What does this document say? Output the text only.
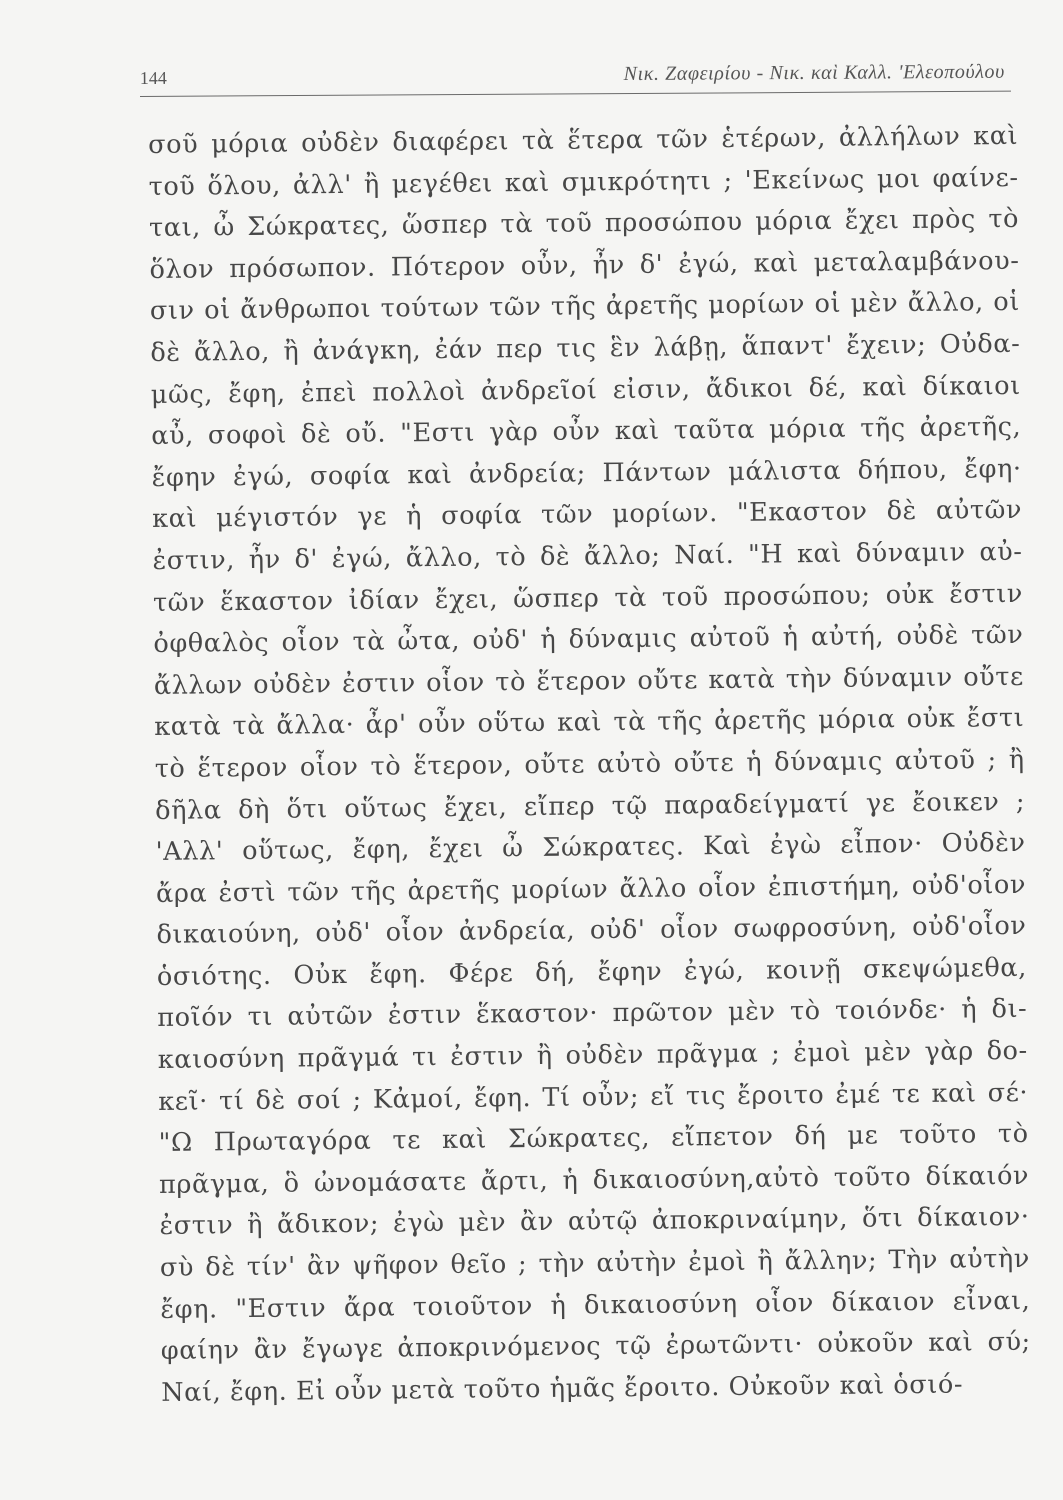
144	Νικ. Ζαφειρίου - Νικ. καὶ Καλλ. 'Ελεοπούλου
σοῦ μόρια οὐδὲν διαφέρει τὰ ἕτερα τῶν ἑτέρων, ἀλλήλων καὶ
τοῦ ὅλου, ἀλλ' ἢ μεγέθει καὶ σμικρότητι ; 'Εκείνως μοι φαίνε-
ται, ὦ Σώκρατες, ὥσπερ τὰ τοῦ προσώπου μόρια ἔχει πρὸς τὸ
ὅλον πρόσωπον. Πότερον οὖν, ἦν δ' ἐγώ, καὶ μεταλαμβάνου-
σιν οἱ ἄνθρωποι τούτων τῶν τῆς ἀρετῆς μορίων οἱ μὲν ἄλλο, οἱ
δὲ ἄλλο, ἢ ἀνάγκη, ἐάν περ τις ἓν λάβῃ, ἅπαντ' ἔχειν; Οὐδα-
μῶς, ἔφη, ἐπεὶ πολλοὶ ἀνδρεῖοί εἰσιν, ἄδικοι δέ, καὶ δίκαιοι
αὖ, σοφοὶ δὲ οὔ. "Εστι γὰρ οὖν καὶ ταῦτα μόρια τῆς ἀρετῆς,
ἔφην ἐγώ, σοφία καὶ ἀνδρεία; Πάντων μάλιστα δήπου, ἔφη·
καὶ μέγιστόν γε ἡ σοφία τῶν μορίων. "Εκαστον δὲ αὐτῶν
ἐστιν, ἦν δ' ἐγώ, ἄλλο, τὸ δὲ ἄλλο; Ναί. "Η καὶ δύναμιν αὐ-
τῶν ἕκαστον ἰδίαν ἔχει, ὥσπερ τὰ τοῦ προσώπου; οὐκ ἔστιν
ὀφθαλὸς οἷον τὰ ὦτα, οὐδ' ἡ δύναμις αὐτοῦ ἡ αὐτή, οὐδὲ τῶν
ἄλλων οὐδὲν ἐστιν οἷον τὸ ἕτερον οὔτε κατὰ τὴν δύναμιν οὔτε
κατὰ τὰ ἄλλα· ἆρ' οὖν οὕτω καὶ τὰ τῆς ἀρετῆς μόρια οὐκ ἔστι
τὸ ἕτερον οἷον τὸ ἕτερον, οὔτε αὐτὸ οὔτε ἡ δύναμις αὐτοῦ ; ἢ
δῆλα δὴ ὅτι οὕτως ἔχει, εἴπερ τῷ παραδείγματί γε ἔοικεν ;
'Αλλ' οὕτως, ἔφη, ἔχει ὦ Σώκρατες. Καὶ ἐγὼ εἶπον· Οὐδὲν
ἄρα ἐστὶ τῶν τῆς ἀρετῆς μορίων ἄλλο οἷον ἐπιστήμη, οὐδ'οἷον
δικαιούνη, οὐδ' οἷον ἀνδρεία, οὐδ' οἷον σωφροσύνη, οὐδ'οἷον
ὁσιότης. Οὐκ ἔφη. Φέρε δή, ἔφην ἐγώ, κοινῇ σκεψώμεθα,
ποῖόν τι αὐτῶν ἐστιν ἕκαστον· πρῶτον μὲν τὸ τοιόνδε· ἡ δι-
καιοσύνη πρᾶγμά τι ἐστιν ἢ οὐδὲν πρᾶγμα ; ἐμοὶ μὲν γὰρ δο-
κεῖ· τί δὲ σοί ; Κἀμοί, ἔφη. Τί οὖν; εἴ τις ἔροιτο ἐμέ τε καὶ σέ·
"Ω Πρωταγόρα τε καὶ Σώκρατες, εἴπετον δή με τοῦτο τὸ
πρᾶγμα, ὃ ὠνομάσατε ἄρτι, ἡ δικαιοσύνη,αὐτὸ τοῦτο δίκαιόν
ἐστιν ἢ ἄδικον; ἐγὼ μὲν ἂν αὐτῷ ἀποκριναίμην, ὅτι δίκαιον·
σὺ δὲ τίν' ἂν ψῆφον θεῖο ; τὴν αὐτὴν ἐμοὶ ἢ ἄλλην; Τὴν αὐτὴν
ἔφη. "Εστιν ἄρα τοιοῦτον ἡ δικαιοσύνη οἷον δίκαιον εἶναι,
φαίην ἂν ἔγωγε ἀποκρινόμενος τῷ ἐρωτῶντι· οὐκοῦν καὶ σύ;
Ναί, ἔφη. Εἰ οὖν μετὰ τοῦτο ἡμᾶς ἔροιτο. Οὐκοῦν καὶ ὁσιό-
